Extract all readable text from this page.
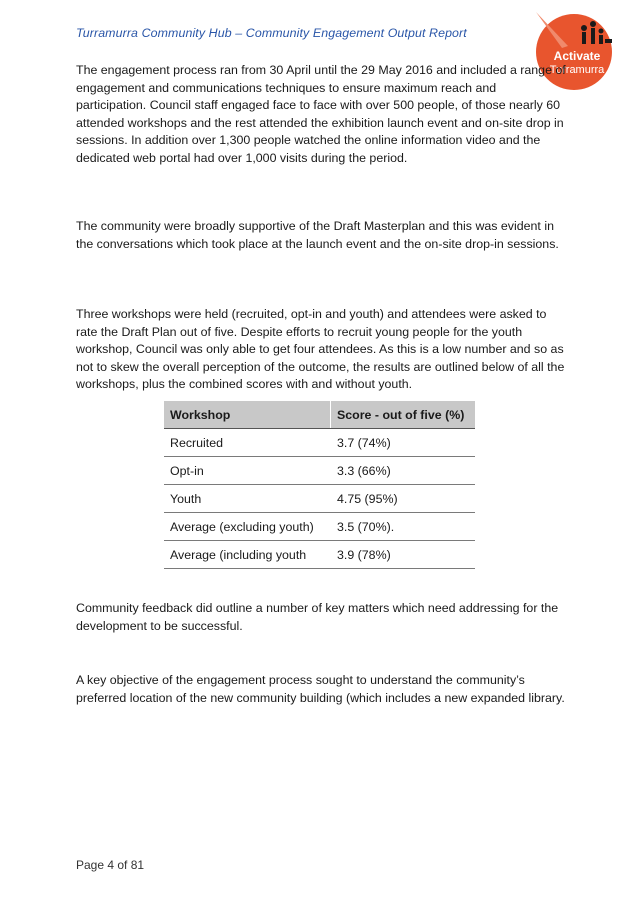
Turramurra Community Hub – Community Engagement Output Report
Activate
Turramurra

The engagement process ran from 30 April until the 29 May 2016 and included a range of engagement and communications techniques to ensure maximum reach and participation. Council staff engaged face to face with over 500 people, of those nearly 60 attended workshops and the rest attended the exhibition launch event and on-site drop in sessions. In addition over 1,300 people watched the online information video and the dedicated web portal had over 1,000 visits during the period.

The community were broadly supportive of the Draft Masterplan and this was evident in the conversations which took place at the launch event and the on-site drop-in sessions.

Three workshops were held (recruited, opt-in and youth) and attendees were asked to rate the Draft Plan out of five. Despite efforts to recruit young people for the youth workshop, Council was only able to get four attendees. As this is a low number and so as not to skew the overall perception of the outcome, the results are outlined below of all the workshops, plus the combined scores with and without youth.

Workshop	Score - out of five (%)
Recruited	3.7 (74%)
Opt-in	3.3 (66%)
Youth	4.75 (95%)
Average (excluding youth)	3.5 (70%).
Average (including youth	3.9 (78%)

Community feedback did outline a number of key matters which need addressing for the development to be successful.

A key objective of the engagement process sought to understand the community’s preferred location of the new community building (which includes a new expanded library.

Page 4 of 81
